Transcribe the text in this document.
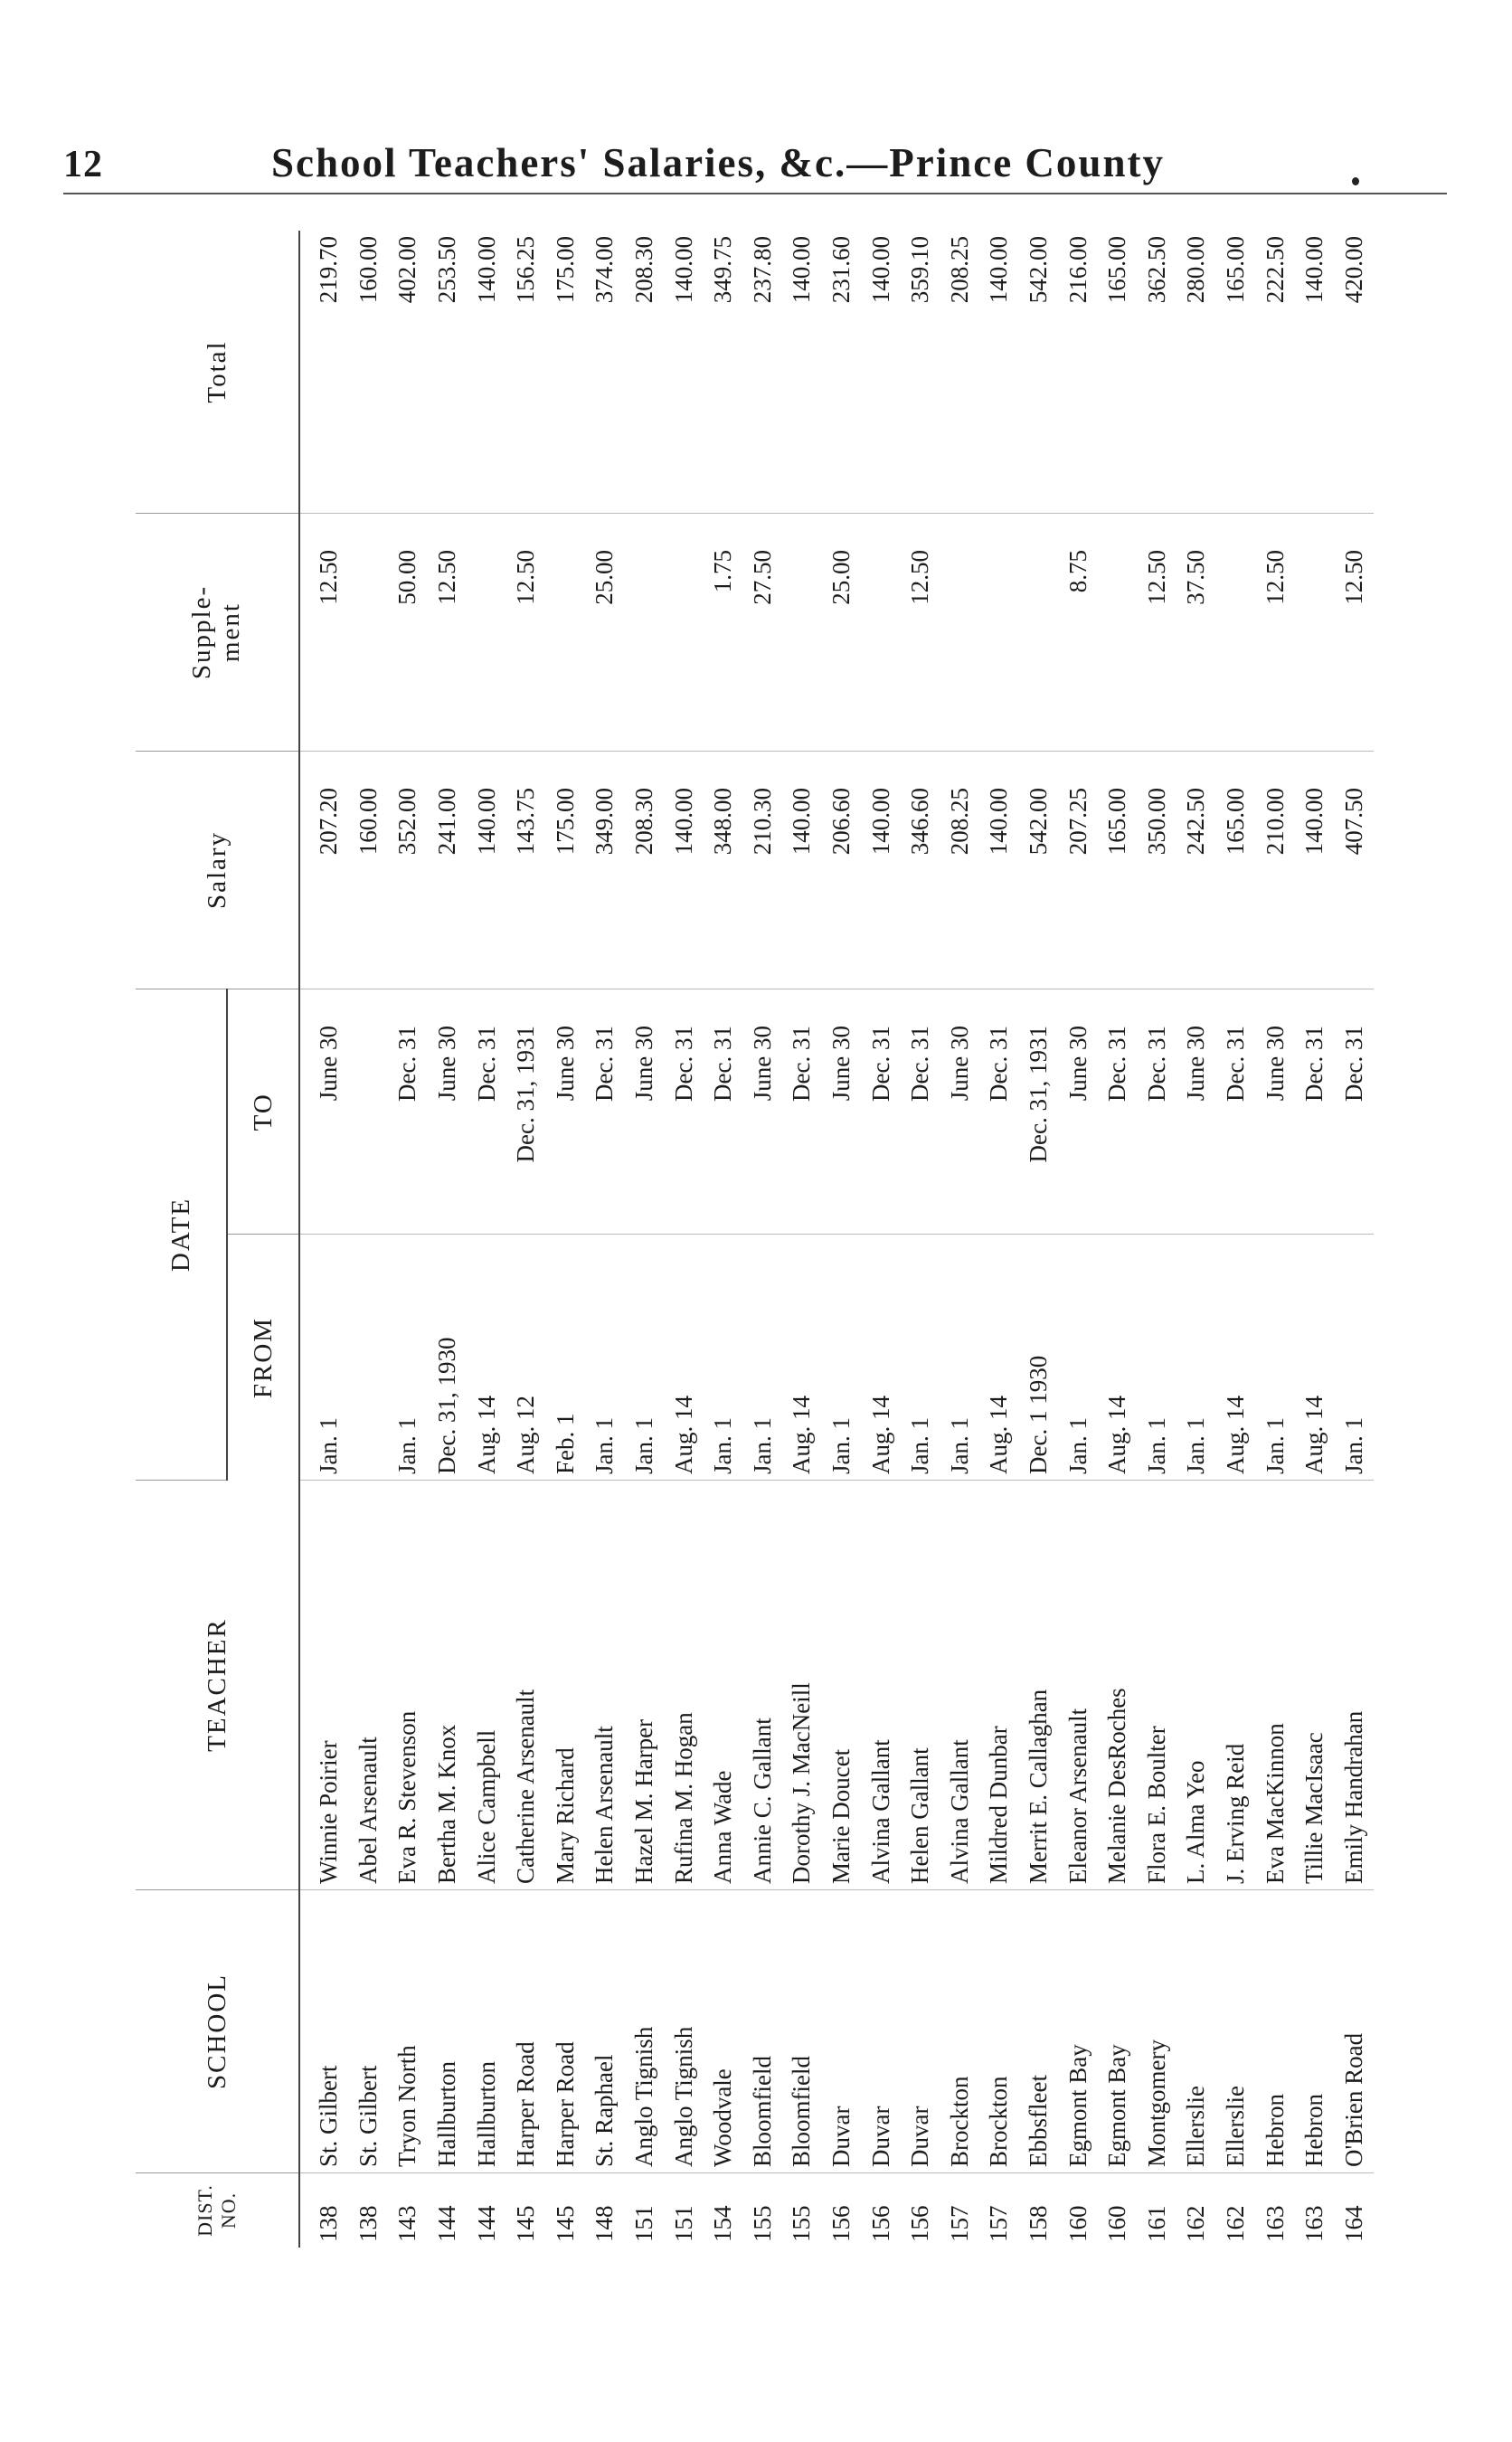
12	School Teachers' Salaries, &c.—Prince County
DIST. NO.	SCHOOL	TEACHER	DATE		Salary	Supple-
ment	Total
			FROM	TO			
138	St. Gilbert	Winnie Poirier	Jan. 1	June 30	207.20	12.50	219.70
138	St. Gilbert	Abel Arsenault			160.00		160.00
143	Tryon North	Eva R. Stevenson	Jan. 1	Dec. 31	352.00	50.00	402.00
144	Hallburton	Bertha M. Knox	Dec. 31, 1930	June 30	241.00	12.50	253.50
144	Hallburton	Alice Campbell	Aug. 14	Dec. 31	140.00		140.00
145	Harper Road	Catherine Arsenault	Aug. 12	Dec. 31, 1931	143.75	12.50	156.25
145	Harper Road	Mary Richard	Feb. 1	June 30	175.00		175.00
148	St. Raphael	Helen Arsenault	Jan. 1	Dec. 31	349.00	25.00	374.00
151	Anglo Tignish	Hazel M. Harper	Jan. 1	June 30	208.30		208.30
151	Anglo Tignish	Rufina M. Hogan	Aug. 14	Dec. 31	140.00		140.00
154	Woodvale	Anna Wade	Jan. 1	Dec. 31	348.00	1.75	349.75
155	Bloomfield	Annie C. Gallant	Jan. 1	June 30	210.30	27.50	237.80
155	Bloomfield	Dorothy J. MacNeill	Aug. 14	Dec. 31	140.00		140.00
156	Duvar	Marie Doucet	Jan. 1	June 30	206.60	25.00	231.60
156	Duvar	Alvina Gallant	Aug. 14	Dec. 31	140.00		140.00
156	Duvar	Helen Gallant	Jan. 1	Dec. 31	346.60	12.50	359.10
157	Brockton	Alvina Gallant	Jan. 1	June 30	208.25		208.25
157	Brockton	Mildred Dunbar	Aug. 14	Dec. 31	140.00		140.00
158	Ebbsfleet	Merrit E. Callaghan	Dec. 1 1930	Dec. 31, 1931	542.00		542.00
160	Egmont Bay	Eleanor Arsenault	Jan. 1	June 30	207.25	8.75	216.00
160	Egmont Bay	Melanie DesRoches	Aug. 14	Dec. 31	165.00		165.00
161	Montgomery	Flora E. Boulter	Jan. 1	Dec. 31	350.00	12.50	362.50
162	Ellerslie	L. Alma Yeo	Jan. 1	June 30	242.50	37.50	280.00
162	Ellerslie	J. Erving Reid	Aug. 14	Dec. 31	165.00		165.00
163	Hebron	Eva MacKinnon	Jan. 1	June 30	210.00	12.50	222.50
163	Hebron	Tillie MacIsaac	Aug. 14	Dec. 31	140.00		140.00
164	O'Brien Road	Emily Handrahan	Jan. 1	Dec. 31	407.50	12.50	420.00
